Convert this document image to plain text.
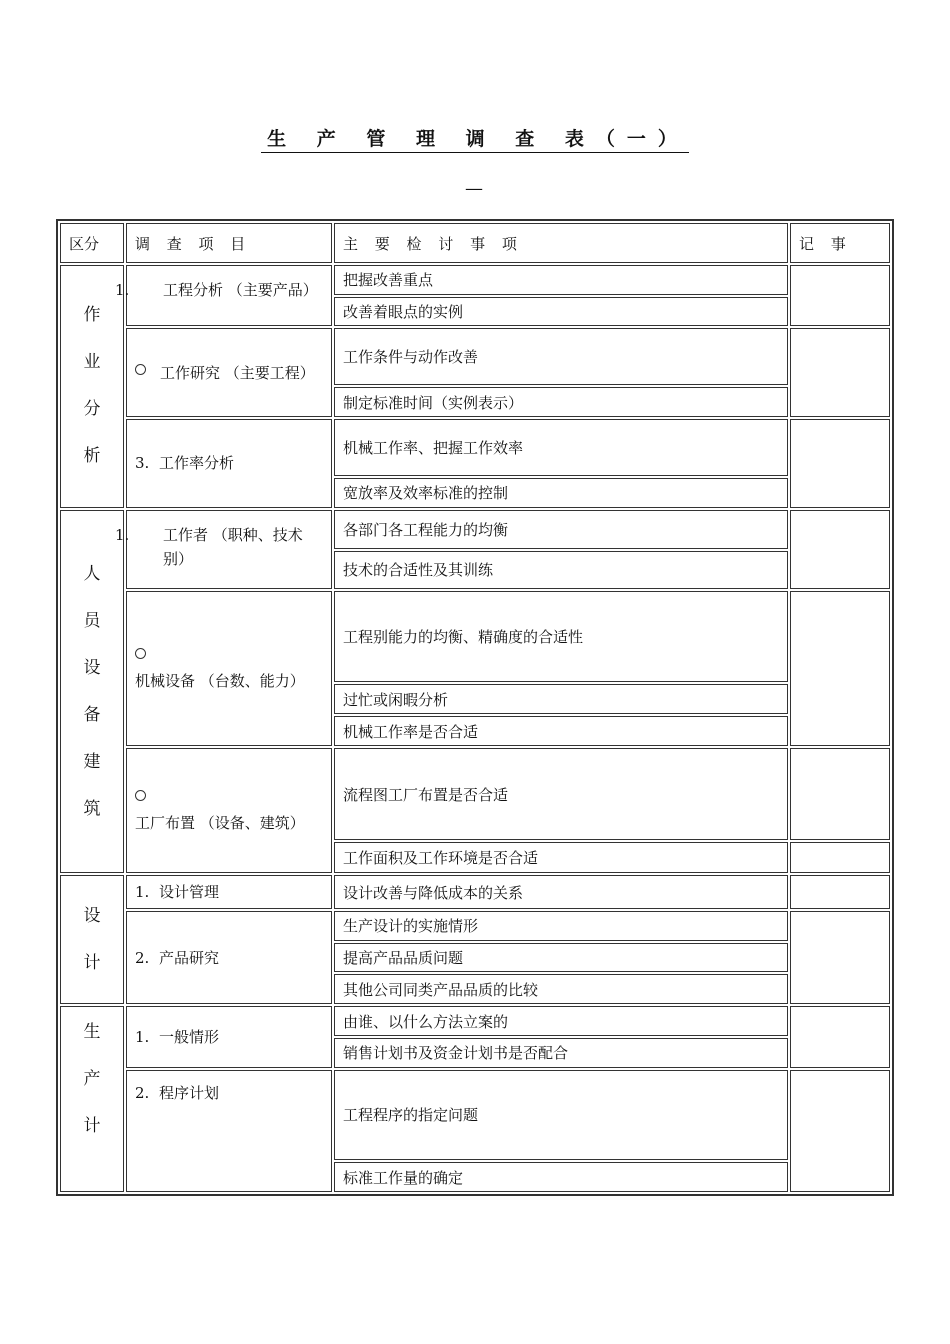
生 产 管 理 调 查 表（一）
—
区分	调 查 项 目	主 要 检 讨 事 项	记 事

作业分析	1. 工程分析 （主要产品）	把握改善重点	
		改善着眼点的实例	
	工作研究 （主要工程）	工作条件与动作改善	
		制定标准时间（实例表示）	
	3. 工作率分析	机械工作率、把握工作效率	
		宽放率及效率标准的控制	

人员设备建筑	1. 工作者 （职种、技术别）	各部门各工程能力的均衡	
		技术的合适性及其训练	
	机械设备 （台数、能力）	工程别能力的均衡、精确度的合适性	
		过忙或闲暇分析	
		机械工作率是否合适	
	工厂布置 （设备、建筑）	流程图工厂布置是否合适	
		工作面积及工作环境是否合适	

设计	1. 设计管理	设计改善与降低成本的关系	
	2. 产品研究	生产设计的实施情形	
		提高产品品质问题	
		其他公司同类产品品质的比较	

生产计	1. 一般情形	由谁、以什么方法立案的	
		销售计划书及资金计划书是否配合	
	2. 程序计划	工程程序的指定问题	
		标准工作量的确定	
